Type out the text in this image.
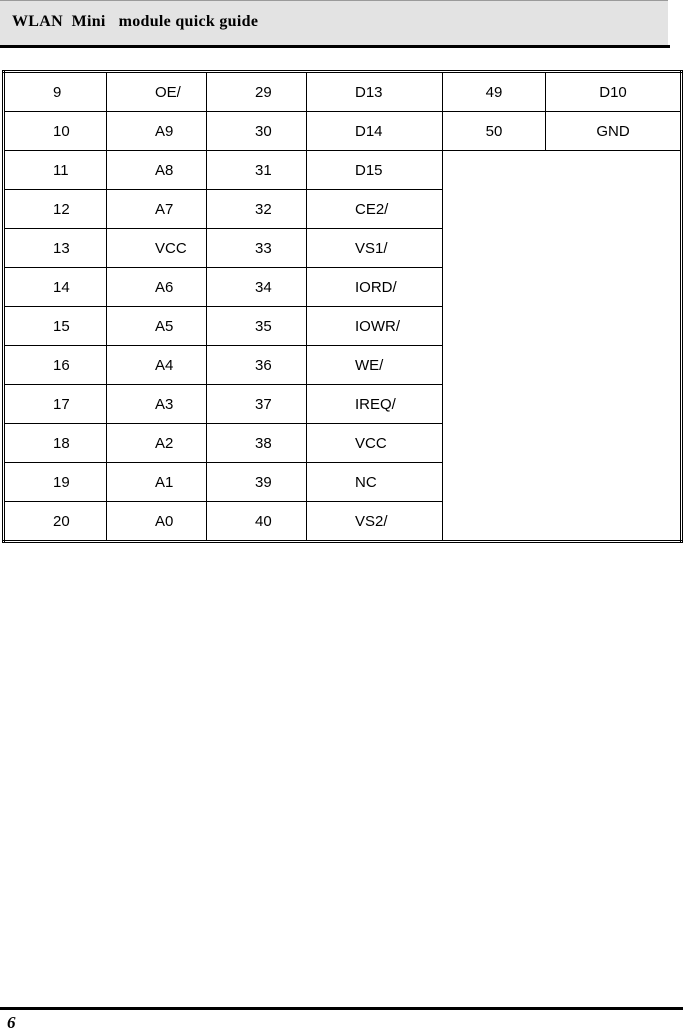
WLAN  Mini   module quick guide
9	OE/	29	D13	49	D10
10	A9	30	D14	50	GND
11	A8	31	D15		
12	A7	32	CE2/		
13	VCC	33	VS1/		
14	A6	34	IORD/		
15	A5	35	IOWR/		
16	A4	36	WE/		
17	A3	37	IREQ/		
18	A2	38	VCC		
19	A1	39	NC		
20	A0	40	VS2/		
6
